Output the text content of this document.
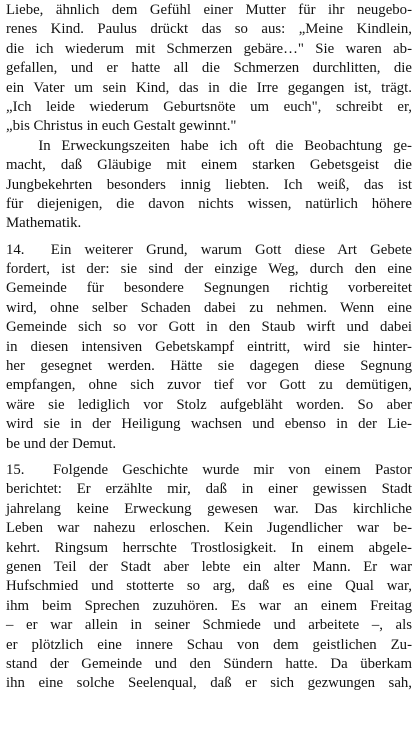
Liebe, ähnlich dem Gefühl einer Mutter für ihr neugebo-
renes Kind. Paulus drückt das so aus: „Meine Kindlein,
die ich wiederum mit Schmerzen gebäre…" Sie waren ab-
gefallen, und er hatte all die Schmerzen durchlitten, die
ein Vater um sein Kind, das in die Irre gegangen ist, trägt.
„Ich leide wiederum Geburtsnöte um euch", schreibt er,
„bis Christus in euch Gestalt gewinnt."
In Erweckungszeiten habe ich oft die Beobachtung ge-
macht, daß Gläubige mit einem starken Gebetsgeist die
Jungbekehrten besonders innig liebten. Ich weiß, das ist
für diejenigen, die davon nichts wissen, natürlich höhere
Mathematik.
14.  Ein weiterer Grund, warum Gott diese Art Gebete
fordert, ist der: sie sind der einzige Weg, durch den eine
Gemeinde für besondere Segnungen richtig vorbereitet
wird, ohne selber Schaden dabei zu nehmen. Wenn eine
Gemeinde sich so vor Gott in den Staub wirft und dabei
in diesen intensiven Gebetskampf eintritt, wird sie hinter-
her gesegnet werden. Hätte sie dagegen diese Segnung
empfangen, ohne sich zuvor tief vor Gott zu demütigen,
wäre sie lediglich vor Stolz aufgebläht worden. So aber
wird sie in der Heiligung wachsen und ebenso in der Lie-
be und der Demut.
15.  Folgende Geschichte wurde mir von einem Pastor
berichtet: Er erzählte mir, daß in einer gewissen Stadt
jahrelang keine Erweckung gewesen war. Das kirchliche
Leben war nahezu erloschen. Kein Jugendlicher war be-
kehrt. Ringsum herrschte Trostlosigkeit. In einem abgele-
genen Teil der Stadt aber lebte ein alter Mann. Er war
Hufschmied und stotterte so arg, daß es eine Qual war,
ihm beim Sprechen zuzuhören. Es war an einem Freitag
– er war allein in seiner Schmiede und arbeitete –, als
er plötzlich eine innere Schau von dem geistlichen Zu-
stand der Gemeinde und den Sündern hatte. Da überkam
ihn eine solche Seelenqual, daß er sich gezwungen sah,
